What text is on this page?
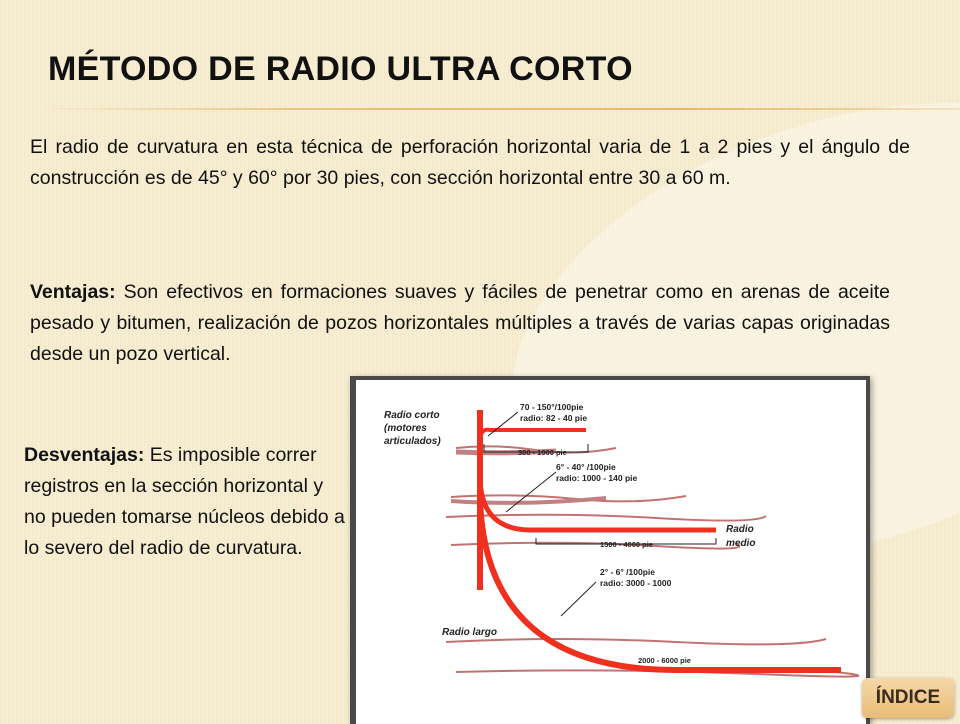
MÉTODO DE RADIO ULTRA CORTO
El radio de curvatura en esta técnica de perforación horizontal varia de 1 a 2 pies y el ángulo de construcción es de 45° y 60° por 30 pies, con sección horizontal entre 30 a 60 m.
Ventajas: Son efectivos en formaciones suaves y fáciles de penetrar como en arenas de aceite pesado y bitumen, realización de pozos horizontales múltiples a través de varias capas originadas desde un pozo vertical.
Desventajas: Es imposible correr registros en la sección horizontal y no pueden tomarse núcleos debido a lo severo del radio de curvatura.
Radio corto
(motores
articulados)
70 - 150°/100pie
radio: 82 - 40 pie
300 - 1000 pie
6° - 40° /100pie
radio: 1000 - 140 pie
1500 - 4000 pie
Radio
medio
2° - 6° /100pie
radio: 3000 - 1000
Radio largo
2000 - 6000 pie
ÍNDICE
